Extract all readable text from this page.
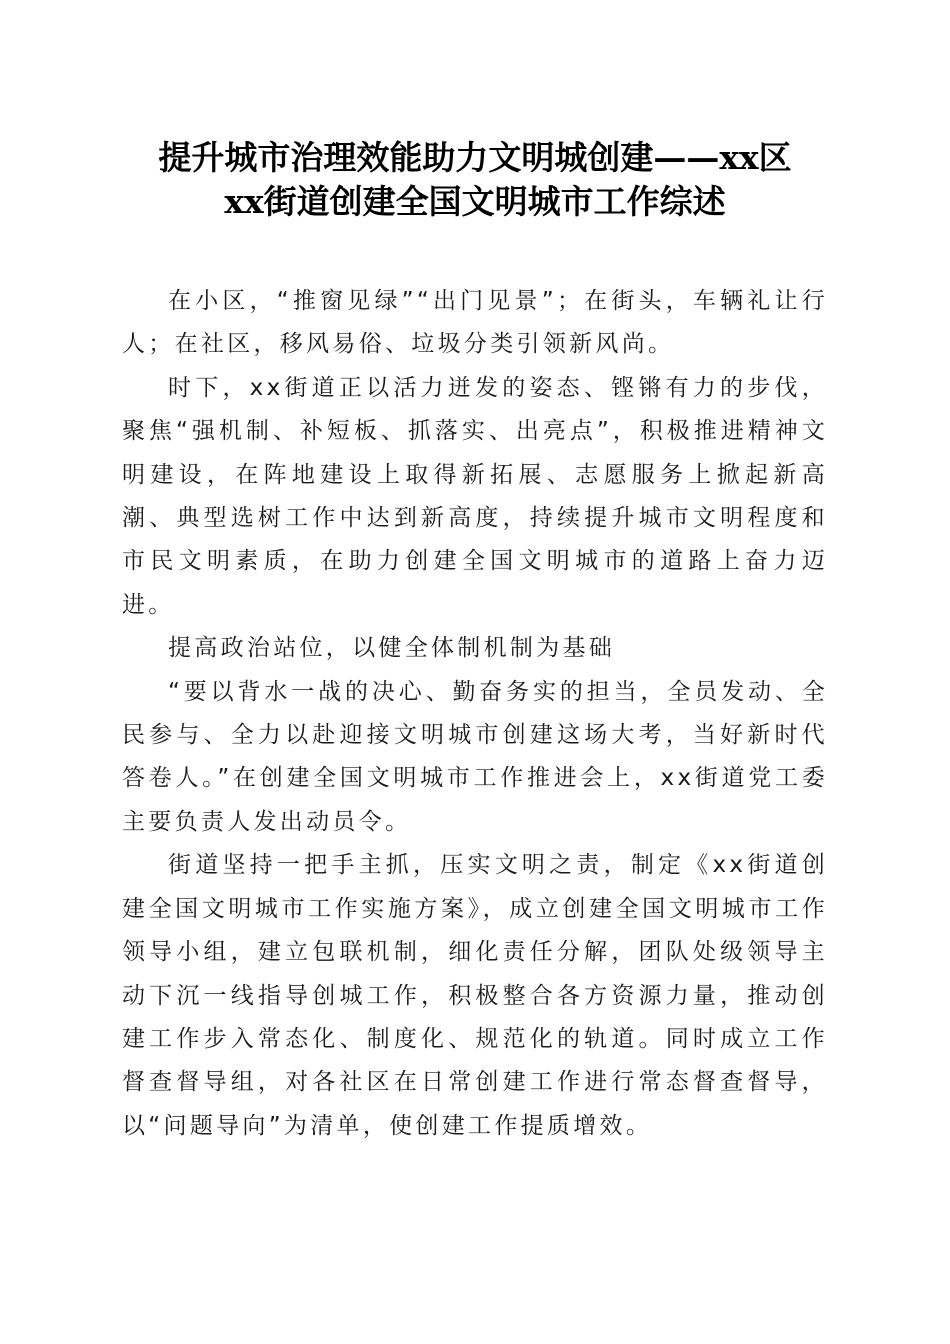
提升城市治理效能助力文明城创建——xx区
xx街道创建全国文明城市工作综述

在小区，“推窗见绿”“出门见景”；在街头，车辆礼让行人；在社区，移风易俗、垃圾分类引领新风尚。

时下，xx街道正以活力迸发的姿态、铿锵有力的步伐，聚焦“强机制、补短板、抓落实、出亮点”，积极推进精神文明建设，在阵地建设上取得新拓展、志愿服务上掀起新高潮、典型选树工作中达到新高度，持续提升城市文明程度和市民文明素质，在助力创建全国文明城市的道路上奋力迈进。

提高政治站位，以健全体制机制为基础

“要以背水一战的决心、勤奋务实的担当，全员发动、全民参与、全力以赴迎接文明城市创建这场大考，当好新时代答卷人。”在创建全国文明城市工作推进会上，xx街道党工委主要负责人发出动员令。

街道坚持一把手主抓，压实文明之责，制定《xx街道创建全国文明城市工作实施方案》，成立创建全国文明城市工作领导小组，建立包联机制，细化责任分解，团队处级领导主动下沉一线指导创城工作，积极整合各方资源力量，推动创建工作步入常态化、制度化、规范化的轨道。同时成立工作督查督导组，对各社区在日常创建工作进行常态督查督导，以“问题导向”为清单，使创建工作提质增效。
